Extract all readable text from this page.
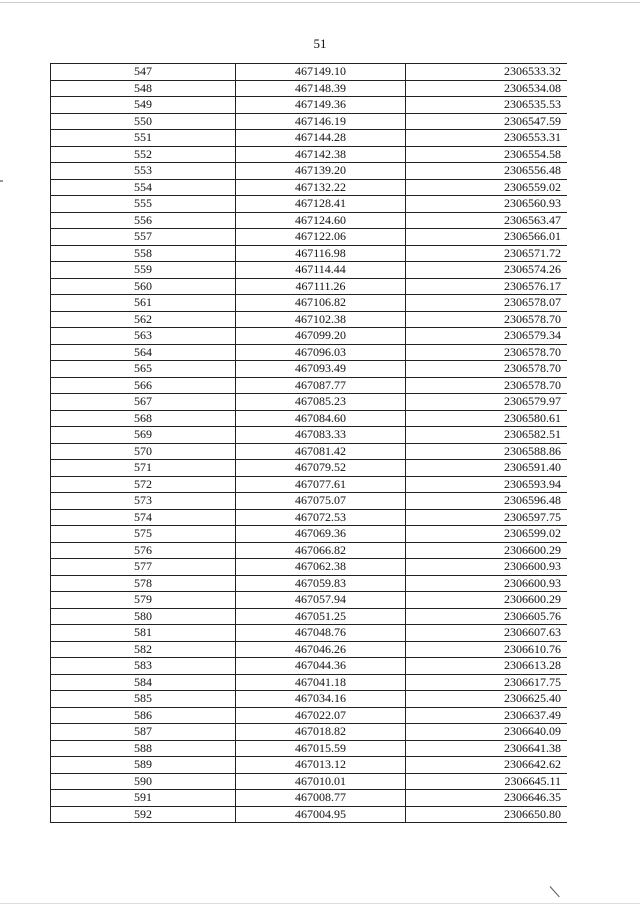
51
547	467149.10	2306533.32
548	467148.39	2306534.08
549	467149.36	2306535.53
550	467146.19	2306547.59
551	467144.28	2306553.31
552	467142.38	2306554.58
553	467139.20	2306556.48
554	467132.22	2306559.02
555	467128.41	2306560.93
556	467124.60	2306563.47
557	467122.06	2306566.01
558	467116.98	2306571.72
559	467114.44	2306574.26
560	467111.26	2306576.17
561	467106.82	2306578.07
562	467102.38	2306578.70
563	467099.20	2306579.34
564	467096.03	2306578.70
565	467093.49	2306578.70
566	467087.77	2306578.70
567	467085.23	2306579.97
568	467084.60	2306580.61
569	467083.33	2306582.51
570	467081.42	2306588.86
571	467079.52	2306591.40
572	467077.61	2306593.94
573	467075.07	2306596.48
574	467072.53	2306597.75
575	467069.36	2306599.02
576	467066.82	2306600.29
577	467062.38	2306600.93
578	467059.83	2306600.93
579	467057.94	2306600.29
580	467051.25	2306605.76
581	467048.76	2306607.63
582	467046.26	2306610.76
583	467044.36	2306613.28
584	467041.18	2306617.75
585	467034.16	2306625.40
586	467022.07	2306637.49
587	467018.82	2306640.09
588	467015.59	2306641.38
589	467013.12	2306642.62
590	467010.01	2306645.11
591	467008.77	2306646.35
592	467004.95	2306650.80
